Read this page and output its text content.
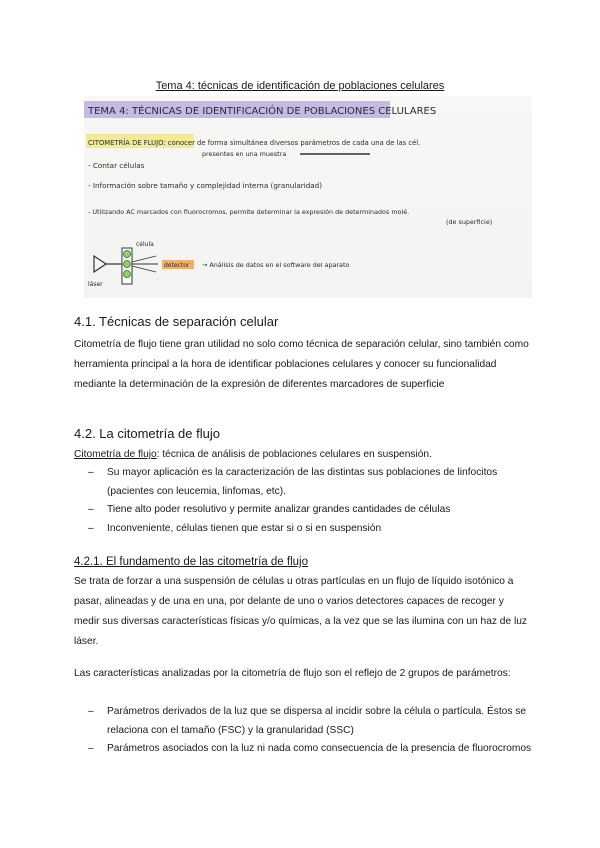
Tema 4: técnicas de identificación de poblaciones celulares
TEMA 4: TÉCNICAS DE IDENTIFICACIÓN DE POBLACIONES CELULARES
CITOMETRÍA DE FLUJO: conocer de forma simultánea diversos parámetros de cada una de las cél.
presentes en una muestra
- Contar células
- Información sobre tamaño y complejidad interna (granularidad)
- Utilizando AC marcados con fluorocromos, permite determinar la expresión de determinados molé.
(de superficie)
detector → Análisis de datos en el software del aparato
célula
láser
4.1. Técnicas de separación celular
Citometría de flujo tiene gran utilidad no solo como técnica de separación celular, sino también como herramienta principal a la hora de identificar poblaciones celulares y conocer su funcionalidad mediante la determinación de la expresión de diferentes marcadores de superficie
4.2. La citometría de flujo
Citometría de flujo: técnica de análisis de poblaciones celulares en suspensión.
– Su mayor aplicación es la caracterización de las distintas sus poblaciones de linfocitos (pacientes con leucemia, linfomas, etc).
– Tiene alto poder resolutivo y permite analizar grandes cantidades de células
– Inconveniente, células tienen que estar si o si en suspensión
4.2.1. El fundamento de las citometría de flujo
Se trata de forzar a una suspensión de células u otras partículas en un flujo de líquido isotónico a pasar, alineadas y de una en una, por delante de uno o varios detectores capaces de recoger y medir sus diversas características físicas y/o químicas, a la vez que se las ilumina con un haz de luz láser.
Las características analizadas por la citometría de flujo son el reflejo de 2 grupos de parámetros:
– Parámetros derivados de la luz que se dispersa al incidir sobre la célula o partícula. Éstos se relaciona con el tamaño (FSC) y la granularidad (SSC)
– Parámetros asociados con la luz ni nada como consecuencia de la presencia de fluorocromos
